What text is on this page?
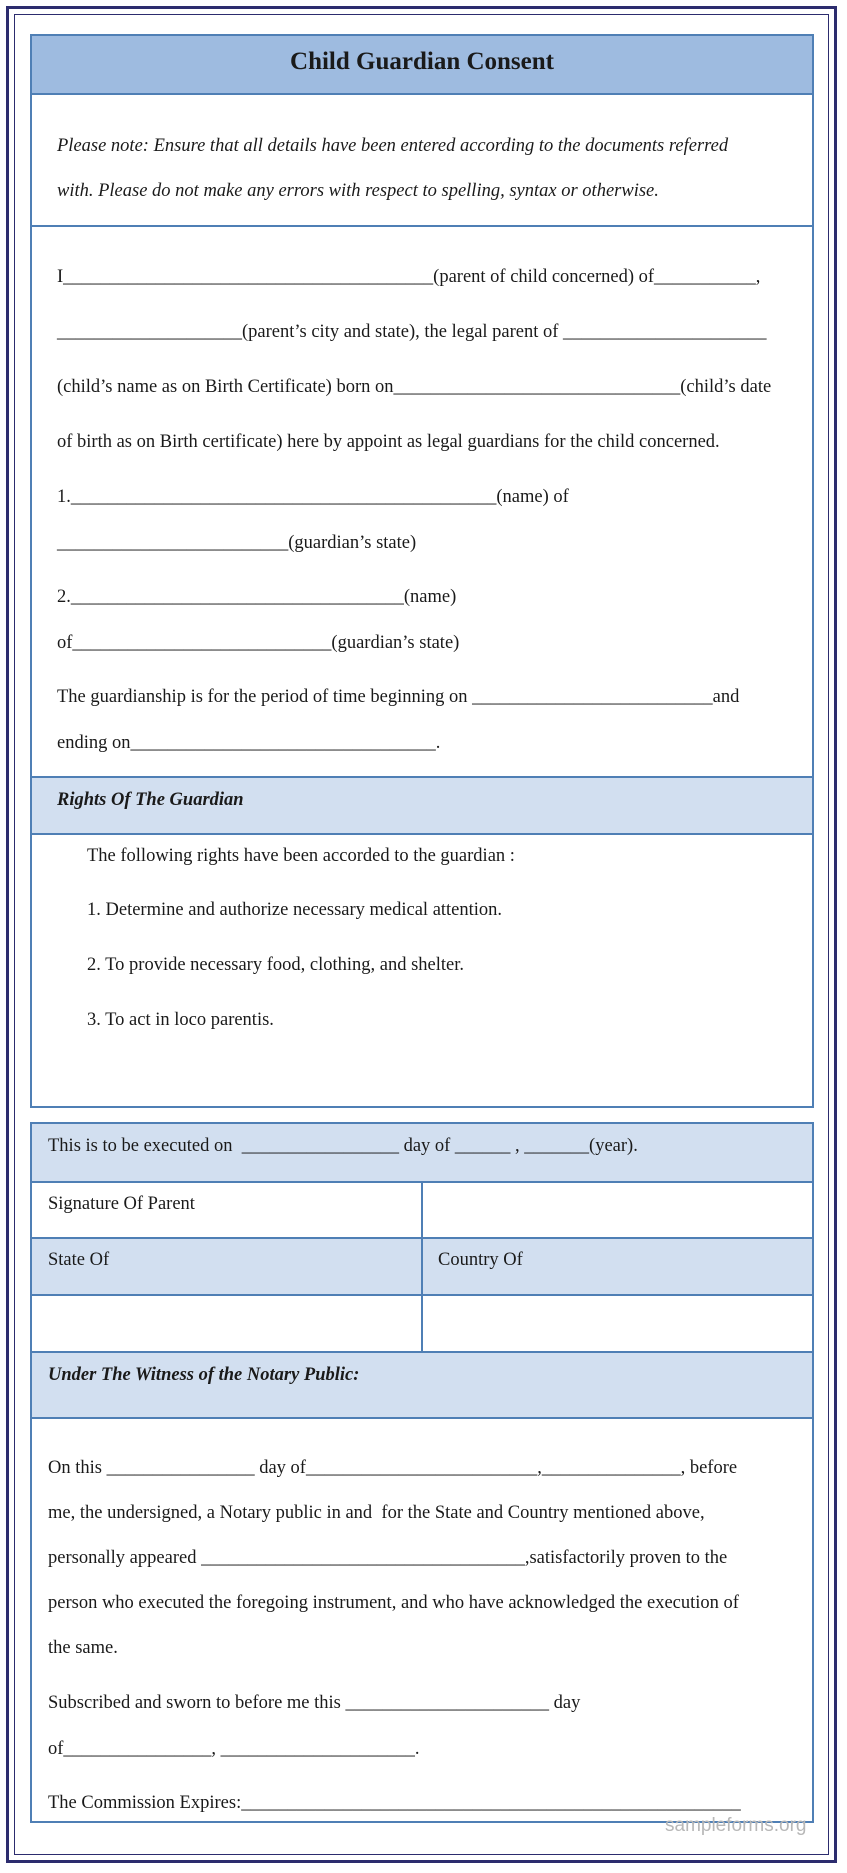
Child Guardian Consent
Please note: Ensure that all details have been entered according to the documents referred
with. Please do not make any errors with respect to spelling, syntax or otherwise.
I________________________________________(parent of child concerned) of___________,
____________________(parent’s city and state), the legal parent of ______________________
(child’s name as on Birth Certificate) born on_______________________________(child’s date
of birth as on Birth certificate) here by appoint as legal guardians for the child concerned.
1.______________________________________________(name) of
_________________________(guardian’s state)
2.____________________________________(name)
of____________________________(guardian’s state)
The guardianship is for the period of time beginning on __________________________and
ending on_________________________________.
Rights Of The Guardian
The following rights have been accorded to the guardian :
1. Determine and authorize necessary medical attention.
2. To provide necessary food, clothing, and shelter.
3. To act in loco parentis.
This is to be executed on  _________________ day of ______ , _______(year).
Signature Of Parent
State Of	Country Of
Under The Witness of the Notary Public:
On this ________________ day of_________________________,_______________, before
me, the undersigned, a Notary public in and  for the State and Country mentioned above,
personally appeared ___________________________________,satisfactorily proven to the
person who executed the foregoing instrument, and who have acknowledged the execution of
the same.
Subscribed and sworn to before me this ______________________ day
of________________, _____________________.
The Commission Expires:______________________________________________________
sampleforms.org
